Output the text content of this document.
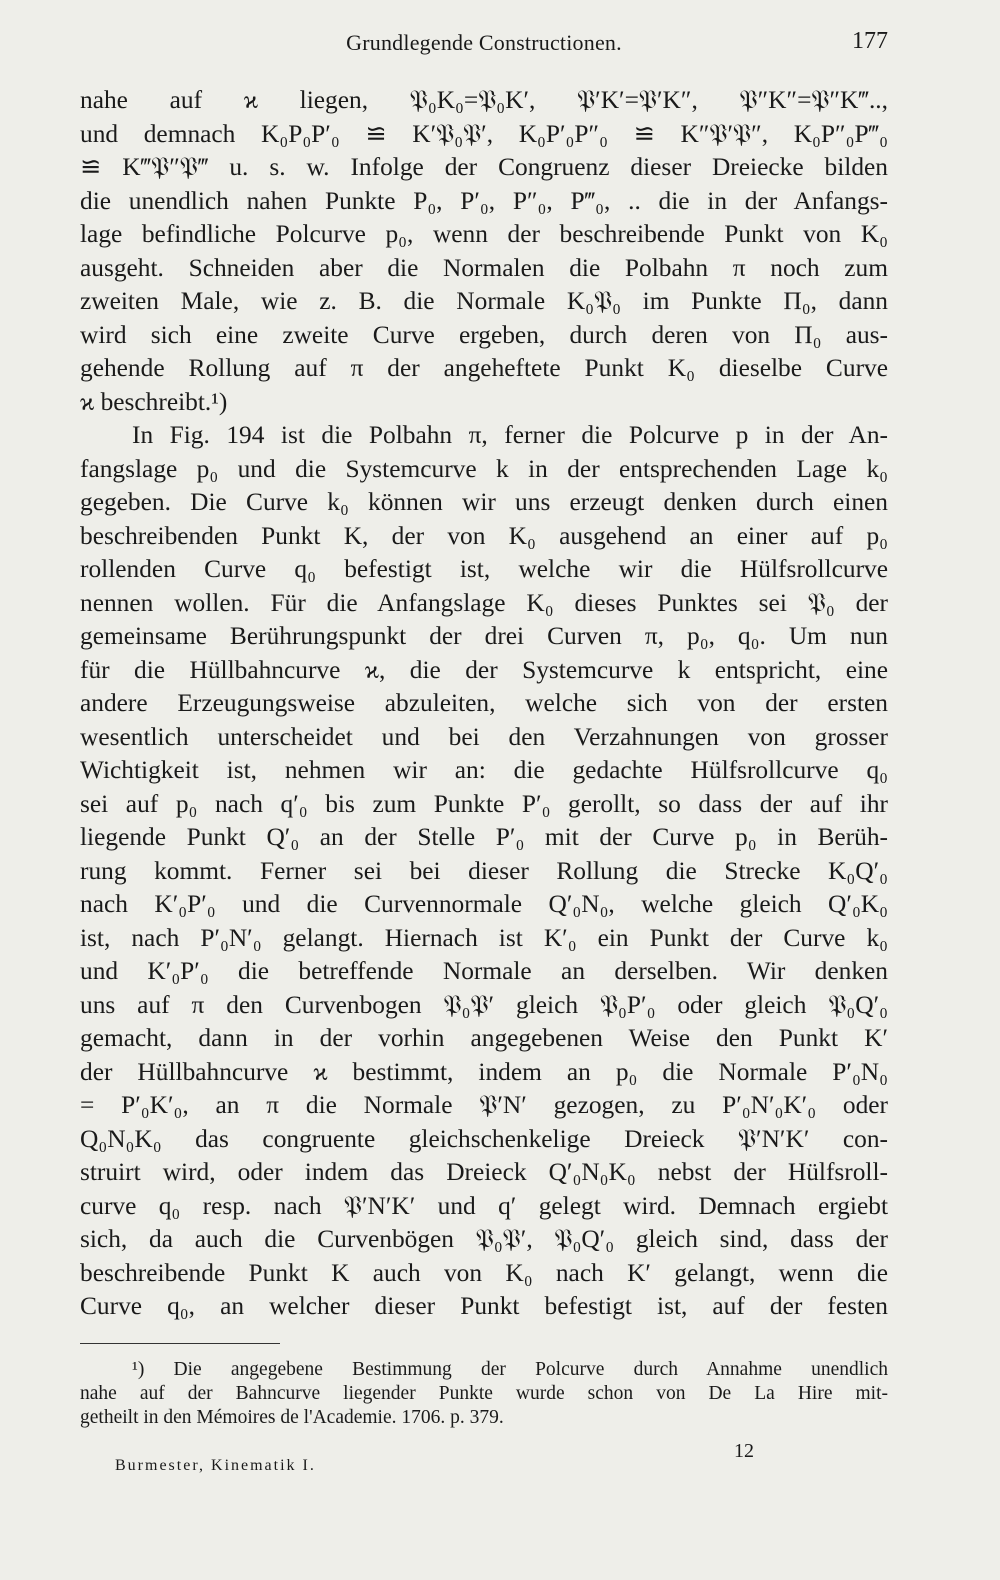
Grundlegende Constructionen.	177
nahe auf ϰ liegen, 𝔓₀K₀=𝔓₀K′, 𝔓′K′=𝔓′K″, 𝔓″K″=𝔓″K‴..,
und demnach K₀P₀P′₀ ≌ K′𝔓₀𝔓′, K₀P′₀P″₀ ≌ K″𝔓′𝔓″, K₀P″₀P‴₀
≌ K‴𝔓″𝔓‴ u. s. w. Infolge der Congruenz dieser Dreiecke bilden
die unendlich nahen Punkte P₀, P′₀, P″₀, P‴₀, .. die in der Anfangs-
lage befindliche Polcurve p₀, wenn der beschreibende Punkt von K₀
ausgeht. Schneiden aber die Normalen die Polbahn π noch zum
zweiten Male, wie z. B. die Normale K₀𝔓₀ im Punkte Π₀, dann
wird sich eine zweite Curve ergeben, durch deren von Π₀ aus-
gehende Rollung auf π der angeheftete Punkt K₀ dieselbe Curve
ϰ beschreibt.¹)
In Fig. 194 ist die Polbahn π, ferner die Polcurve p in der An-
fangslage p₀ und die Systemcurve k in der entsprechenden Lage k₀
gegeben. Die Curve k₀ können wir uns erzeugt denken durch einen
beschreibenden Punkt K, der von K₀ ausgehend an einer auf p₀
rollenden Curve q₀ befestigt ist, welche wir die Hülfsrollcurve
nennen wollen. Für die Anfangslage K₀ dieses Punktes sei 𝔓₀ der
gemeinsame Berührungspunkt der drei Curven π, p₀, q₀. Um nun
für die Hüllbahncurve ϰ, die der Systemcurve k entspricht, eine
andere Erzeugungsweise abzuleiten, welche sich von der ersten
wesentlich unterscheidet und bei den Verzahnungen von grosser
Wichtigkeit ist, nehmen wir an: die gedachte Hülfsrollcurve q₀
sei auf p₀ nach q′₀ bis zum Punkte P′₀ gerollt, so dass der auf ihr
liegende Punkt Q′₀ an der Stelle P′₀ mit der Curve p₀ in Berüh-
rung kommt. Ferner sei bei dieser Rollung die Strecke K₀Q′₀
nach K′₀P′₀ und die Curvennormale Q′₀N₀, welche gleich Q′₀K₀
ist, nach P′₀N′₀ gelangt. Hiernach ist K′₀ ein Punkt der Curve k₀
und K′₀P′₀ die betreffende Normale an derselben. Wir denken
uns auf π den Curvenbogen 𝔓₀𝔓′ gleich 𝔓₀P′₀ oder gleich 𝔓₀Q′₀
gemacht, dann in der vorhin angegebenen Weise den Punkt K′
der Hüllbahncurve ϰ bestimmt, indem an p₀ die Normale P′₀N₀
= P′₀K′₀, an π die Normale 𝔓′N′ gezogen, zu P′₀N′₀K′₀ oder
Q₀N₀K₀ das congruente gleichschenkelige Dreieck 𝔓′N′K′ con-
struirt wird, oder indem das Dreieck Q′₀N₀K₀ nebst der Hülfsroll-
curve q₀ resp. nach 𝔓′N′K′ und q′ gelegt wird. Demnach ergiebt
sich, da auch die Curvenbögen 𝔓₀𝔓′, 𝔓₀Q′₀ gleich sind, dass der
beschreibende Punkt K auch von K₀ nach K′ gelangt, wenn die
Curve q₀, an welcher dieser Punkt befestigt ist, auf der festen
¹) Die angegebene Bestimmung der Polcurve durch Annahme unendlich
nahe auf der Bahncurve liegender Punkte wurde schon von De La Hire mit-
getheilt in den Mémoires de l'Academie. 1706. p. 379.
Burmester, Kinematik I.
12
